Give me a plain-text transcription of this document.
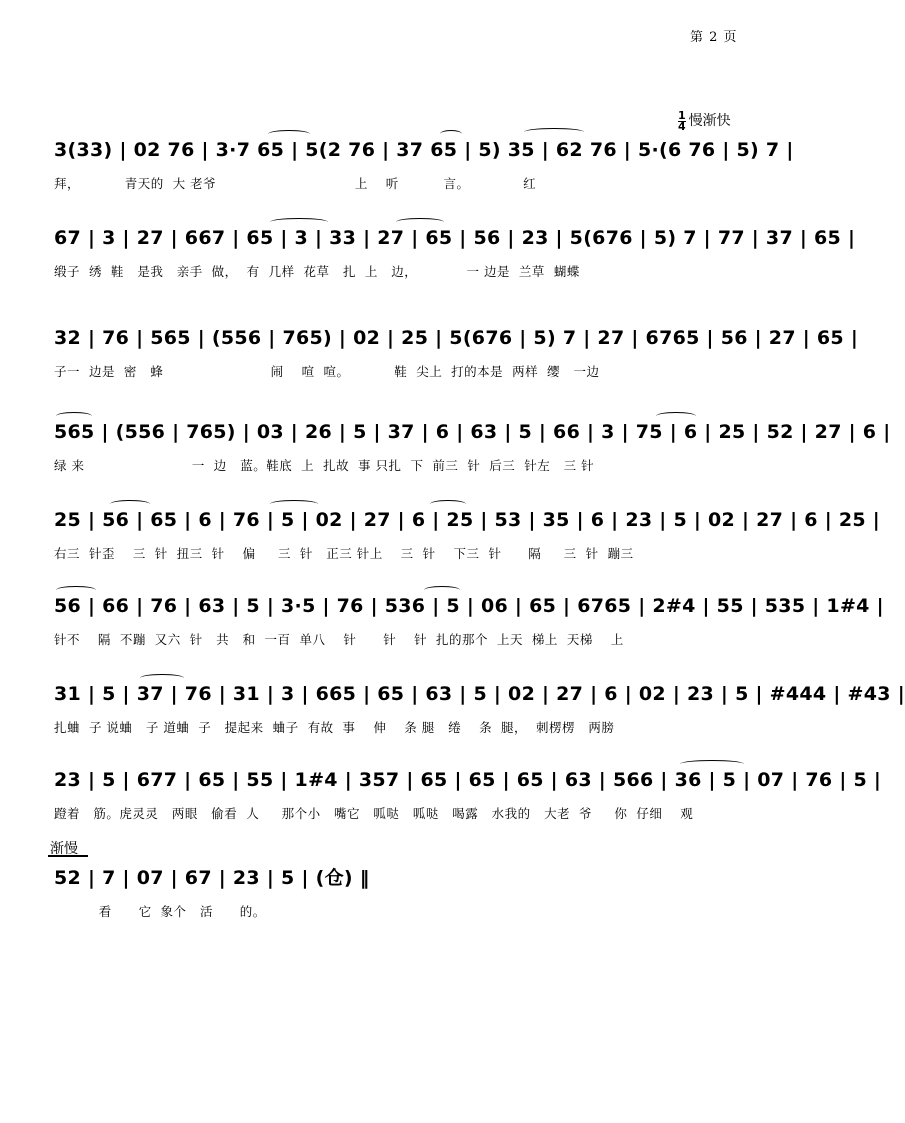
第 2 页
$\frac{1}{4}$ 慢渐快
3(33) | 02 76 | 3·7 65 | 5(2 76 | 37 65 | 5) 35 | 62 76 | 5·(6 76 | 5) 7 |
拜，          青天的  大 老爷                               上    听          言。            红
67 | 3 | 27 | 667 | 65 | 3 | 33 | 27 | 65 | 56 | 23 | 5(676 | 5) 7 | 77 | 37 | 65 |
缎子  绣  鞋   是我   亲手  做，  有  几样  花草   扎  上   边，           一 边是  兰草  蝴蝶
32 | 76 | 565 | (556 | 765) | 02 | 25 | 5(676 | 5) 7 | 27 | 6765 | 56 | 27 | 65 |
子一  边是  密   蜂                        闹    喧  喧。          鞋  尖上  打的本是  两样  缨   一边
565 | (556 | 765) | 03 | 26 | 5 | 37 | 6 | 63 | 5 | 66 | 3 | 75 | 6 | 25 | 52 | 27 | 6 |
绿 来                        一  边   蓝。鞋底  上  扎故  事 只扎  下  前三  针  后三  针左   三 针
25 | 56 | 65 | 6 | 76 | 5 | 02 | 27 | 6 | 25 | 53 | 35 | 6 | 23 | 5 | 02 | 27 | 6 | 25 |
右三  针歪    三  针  扭三  针    偏     三  针   正三 针上    三  针    下三  针      隔     三  针  蹦三
56 | 66 | 76 | 63 | 5 | 3·5 | 76 | 536 | 5 | 06 | 65 | 6765 | 2#4 | 55 | 535 | 1#4 |
针不    隔  不蹦  又六  针   共   和  一百  单八    针      针    针  扎的那个  上天  梯上  天梯    上
31 | 5 | 37 | 76 | 31 | 3 | 665 | 65 | 63 | 5 | 02 | 27 | 6 | 02 | 23 | 5 | #444 | #43 |
扎蛐  子 说蛐   子 道蛐  子   提起来  蛐子  有故  事    伸    条 腿   绻    条  腿，  刺楞楞   两膀
23 | 5 | 677 | 65 | 55 | 1#4 | 357 | 65 | 65 | 65 | 63 | 566 | 36 | 5 | 07 | 76 | 5 |
蹬着   筋。虎灵灵   两眼   偷看  人     那个小   嘴它   呱哒   呱哒   喝露   水我的   大老  爷     你  仔细    观
渐慢
52 | 7 | 07 | 67 | 23 | 5 | (仓) ‖
看      它  象个   活      的。
